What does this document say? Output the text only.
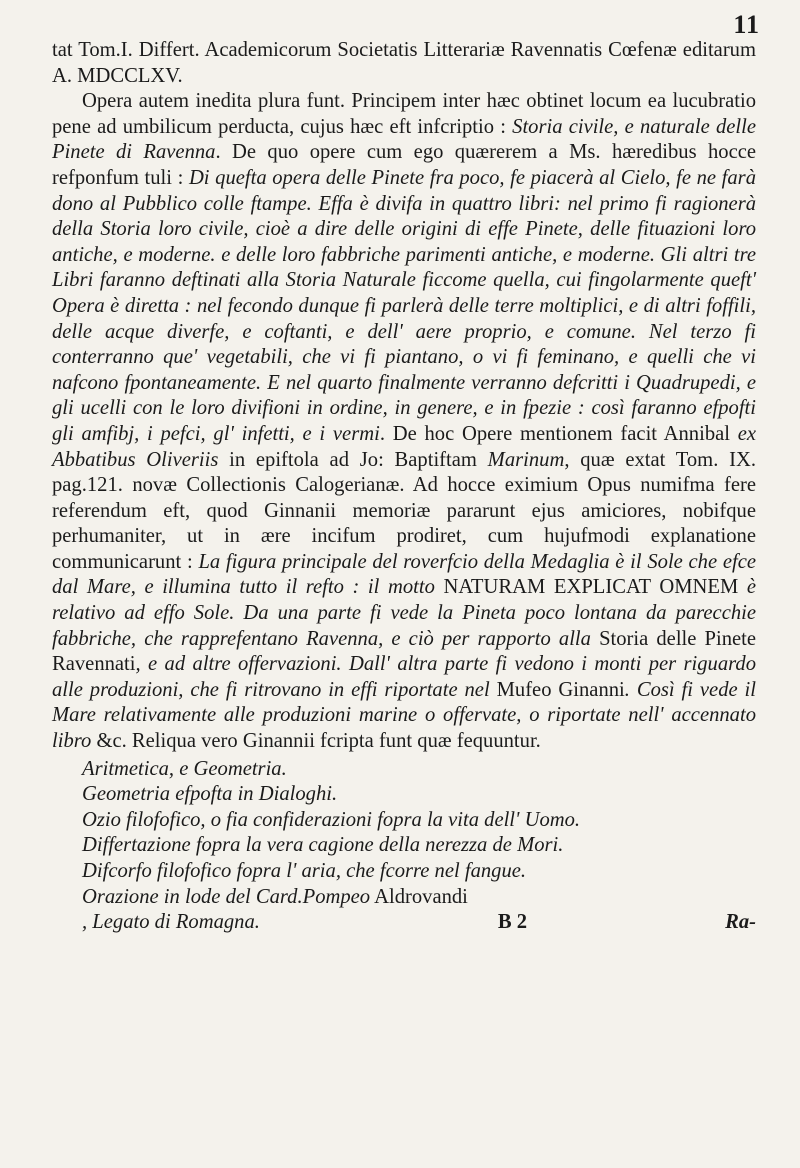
11

tat Tom.I. Differt. Academicorum Societatis Litterariæ Ravennatis Cœfenæ editarum A. MDCCLXV.

Opera autem inedita plura funt. Principem inter hæc obtinet locum ea lucubratio pene ad umbilicum perducta, cujus hæc eft infcriptio : Storia civile, e naturale delle Pinete di Ravenna. De quo opere cum ego quærerem a Ms. hæredibus hocce refponfum tuli : Di quefta opera delle Pinete fra poco, fe piacerà al Cielo, fe ne farà dono al Pubblico colle ftampe. Effa è divifa in quattro libri: nel primo fi ragionerà della Storia loro civile, cioè a dire delle origini di effe Pinete, delle fituazioni loro antiche, e moderne. e delle loro fabbriche parimenti antiche, e moderne. Gli altri tre Libri faranno deftinati alla Storia Naturale ficcome quella, cui fingolarmente queft' Opera è diretta : nel fecondo dunque fi parlerà delle terre moltiplici, e di altri foffili, delle acque diverfe, e coftanti, e dell' aere proprio, e comune. Nel terzo fi conterranno que' vegetabili, che vi fi piantano, o vi fi feminano, e quelli che vi nafcono fpontaneamente. E nel quarto finalmente verranno defcritti i Quadrupedi, e gli ucelli con le loro divifioni in ordine, in genere, e in fpezie : così faranno efpofti gli amfibj, i pefci, gl' infetti, e i vermi. De hoc Opere mentionem facit Annibal ex Abbatibus Oliveriis in epiftola ad Jo: Baptiftam Marinum, quæ extat Tom. IX. pag.121. novæ Collectionis Calogerianæ. Ad hocce eximium Opus numifma fere referendum eft, quod Ginnanii memoriæ pararunt ejus amiciores, nobifque perhumaniter, ut in ære incifum prodiret, cum hujufmodi explanatione communicarunt : La figura principale del roverfcio della Medaglia è il Sole che efce dal Mare, e illumina tutto il refto : il motto NATURAM EXPLICAT OMNEM è relativo ad effo Sole. Da una parte fi vede la Pineta poco lontana da parecchie fabbriche, che rapprefentano Ravenna, e ciò per rapporto alla Storia delle Pinete Ravennati, e ad altre offervazioni. Dall' altra parte fi vedono i monti per riguardo alle produzioni, che fi ritrovano in effi riportate nel Mufeo Ginanni. Così fi vede il Mare relativamente alle produzioni marine o offervate, o riportate nell' accennato libro &c. Reliqua vero Ginannii fcripta funt quæ fequuntur.

Aritmetica, e Geometria.

Geometria efpofta in Dialoghi.

Ozio filofofico, o fia confiderazioni fopra la vita dell' Uomo.

Differtazione fopra la vera cagione della nerezza de Mori.

Difcorfo filofofico fopra l' aria, che fcorre nel fangue.

Orazione in lode del Card.Pompeo Aldrovandi

, Legato di Romagna.	B 2	Ra-
